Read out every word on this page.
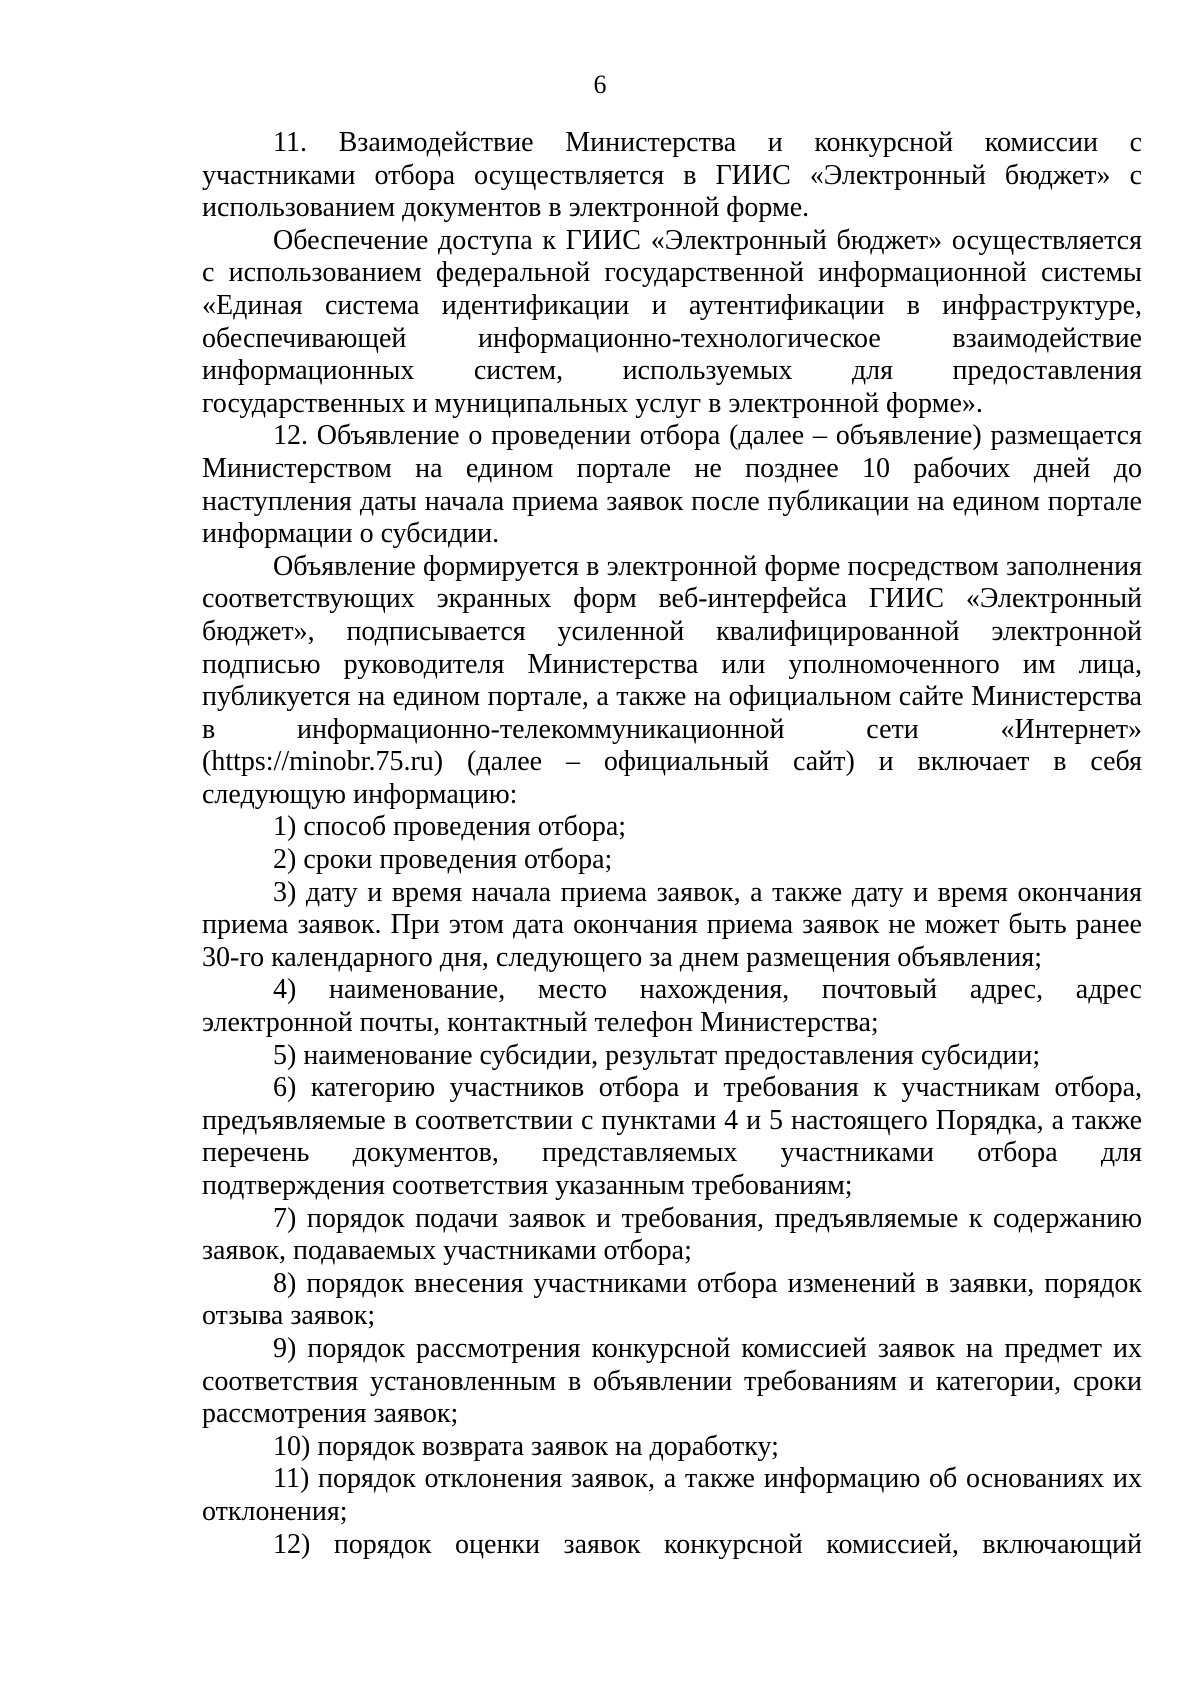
6

11. Взаимодействие Министерства и конкурсной комиссии с участниками отбора осуществляется в ГИИС «Электронный бюджет» с использованием документов в электронной форме.

Обеспечение доступа к ГИИС «Электронный бюджет» осуществляется с использованием федеральной государственной информационной системы «Единая система идентификации и аутентификации в инфраструктуре, обеспечивающей информационно-технологическое взаимодействие информационных систем, используемых для предоставления государственных и муниципальных услуг в электронной форме».

12. Объявление о проведении отбора (далее – объявление) размещается Министерством на едином портале не позднее 10 рабочих дней до наступления даты начала приема заявок после публикации на едином портале информации о субсидии.

Объявление формируется в электронной форме посредством заполнения соответствующих экранных форм веб-интерфейса ГИИС «Электронный бюджет», подписывается усиленной квалифицированной электронной подписью руководителя Министерства или уполномоченного им лица, публикуется на едином портале, а также на официальном сайте Министерства в информационно-телекоммуникационной сети «Интернет» (https://minobr.75.ru) (далее – официальный сайт) и включает в себя следующую информацию:

1) способ проведения отбора;

2) сроки проведения отбора;

3) дату и время начала приема заявок, а также дату и время окончания приема заявок. При этом дата окончания приема заявок не может быть ранее 30-го календарного дня, следующего за днем размещения объявления;

4) наименование, место нахождения, почтовый адрес, адрес электронной почты, контактный телефон Министерства;

5) наименование субсидии, результат предоставления субсидии;

6) категорию участников отбора и требования к участникам отбора, предъявляемые в соответствии с пунктами 4 и 5 настоящего Порядка, а также перечень документов, представляемых участниками отбора для подтверждения соответствия указанным требованиям;

7) порядок подачи заявок и требования, предъявляемые к содержанию заявок, подаваемых участниками отбора;

8) порядок внесения участниками отбора изменений в заявки, порядок отзыва заявок;

9) порядок рассмотрения конкурсной комиссией заявок на предмет их соответствия установленным в объявлении требованиям и категории, сроки рассмотрения заявок;

10) порядок возврата заявок на доработку;

11) порядок отклонения заявок, а также информацию об основаниях их отклонения;

12) порядок оценки заявок конкурсной комиссией, включающий
